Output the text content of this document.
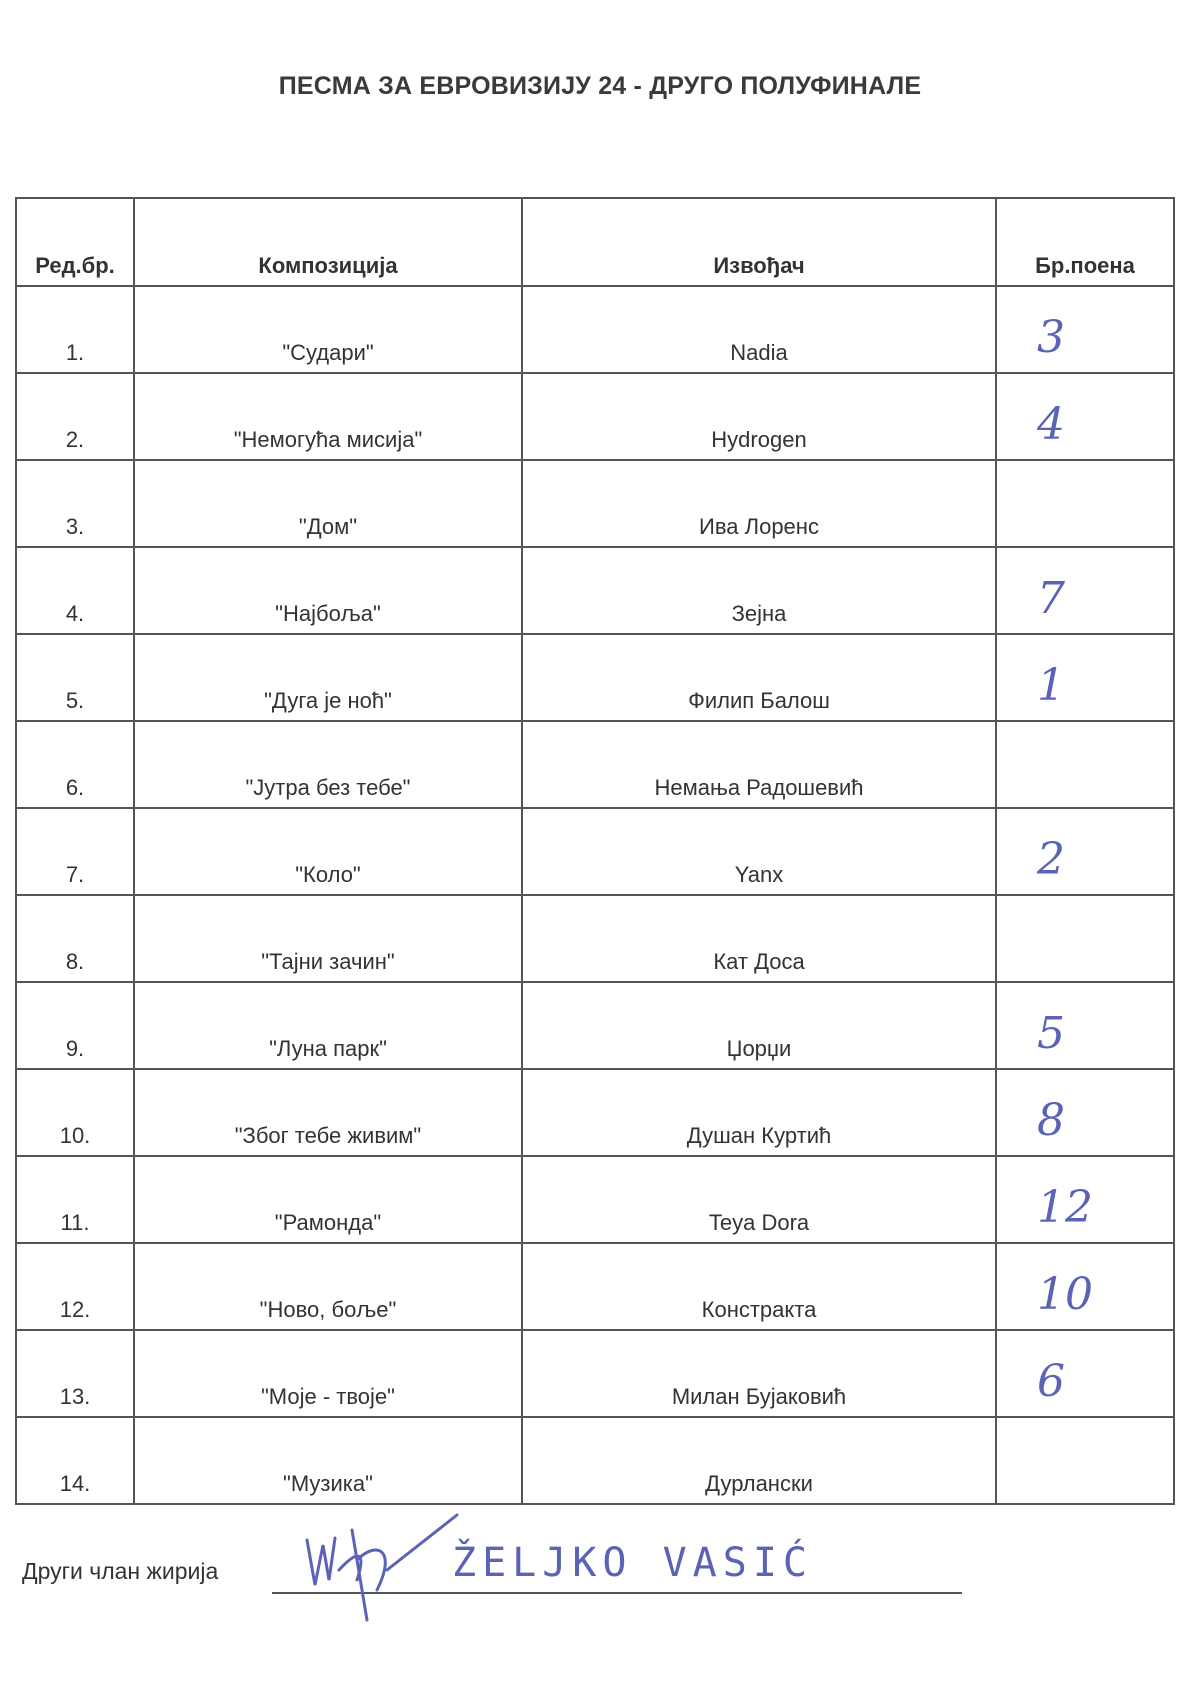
ПЕСМА ЗА ЕВРОВИЗИЈУ 24 - ДРУГО ПОЛУФИНАЛЕ
Ред.бр.	Композиција	Извођач	Бр.поена
1.	"Судари"	Nadia	3

2.	"Немогућа мисија"	Hydrogen	4

3.	"Дом"	Ива Лоренс	

4.	"Најбоља"	Зејна	7

5.	"Дуга је ноћ"	Филип Балош	1

6.	"Јутра без тебе"	Немања Радошевић	

7.	"Коло"	Yanx	2

8.	"Тајни зачин"	Кат Доса	

9.	"Луна парк"	Џорџи	5

10.	"Због тебе живим"	Душан Куртић	8

11.	"Рамонда"	Teya Dora	12

12.	"Ново, боље"	Констракта	10

13.	"Моје - твоје"	Милан Бујаковић	6

14.	"Музика"	Дурлански	
Други члан жирија	ŽELJKO VASIĆ
